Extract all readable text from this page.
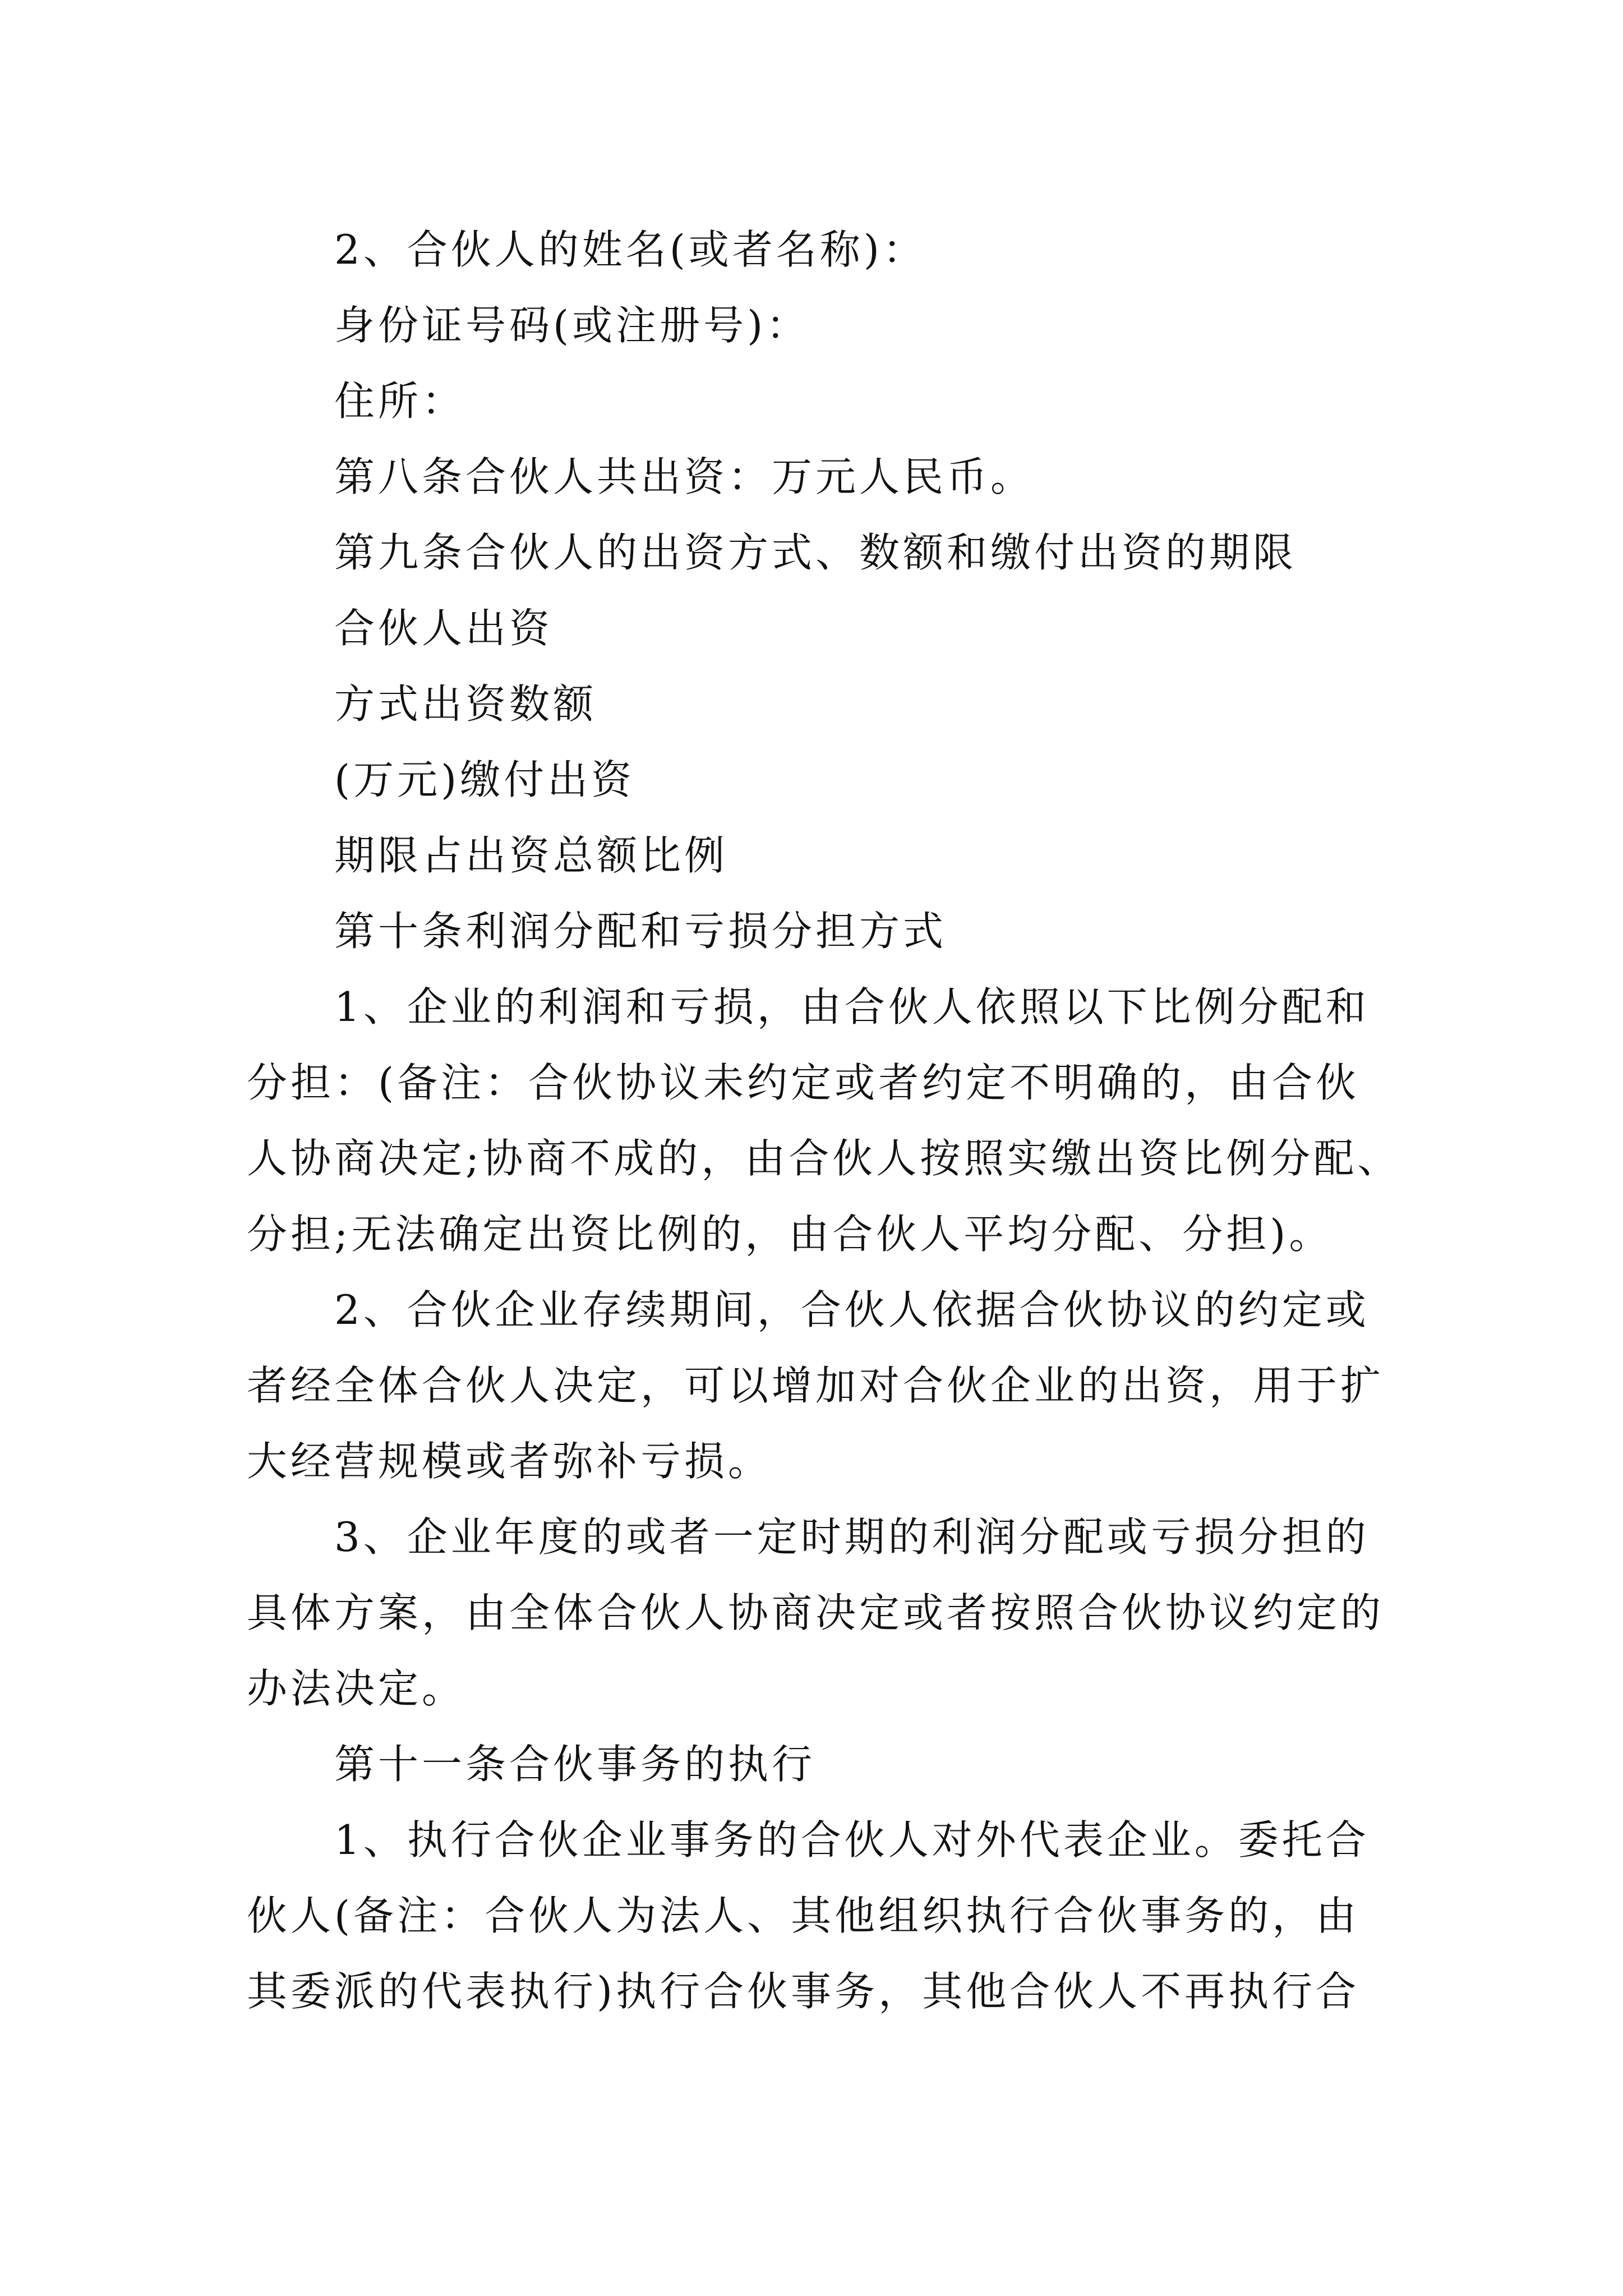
2、合伙人的姓名(或者名称)：

身份证号码(或注册号)：

住所：

第八条合伙人共出资：万元人民币。

第九条合伙人的出资方式、数额和缴付出资的期限

合伙人出资

方式出资数额

(万元)缴付出资

期限占出资总额比例

第十条利润分配和亏损分担方式

1、企业的利润和亏损，由合伙人依照以下比例分配和

分担：(备注：合伙协议未约定或者约定不明确的，由合伙

人协商决定;协商不成的，由合伙人按照实缴出资比例分配、

分担;无法确定出资比例的，由合伙人平均分配、分担)。

2、合伙企业存续期间，合伙人依据合伙协议的约定或

者经全体合伙人决定，可以增加对合伙企业的出资，用于扩

大经营规模或者弥补亏损。

3、企业年度的或者一定时期的利润分配或亏损分担的

具体方案，由全体合伙人协商决定或者按照合伙协议约定的

办法决定。

第十一条合伙事务的执行

1、执行合伙企业事务的合伙人对外代表企业。委托合

伙人(备注：合伙人为法人、其他组织执行合伙事务的，由

其委派的代表执行)执行合伙事务，其他合伙人不再执行合
